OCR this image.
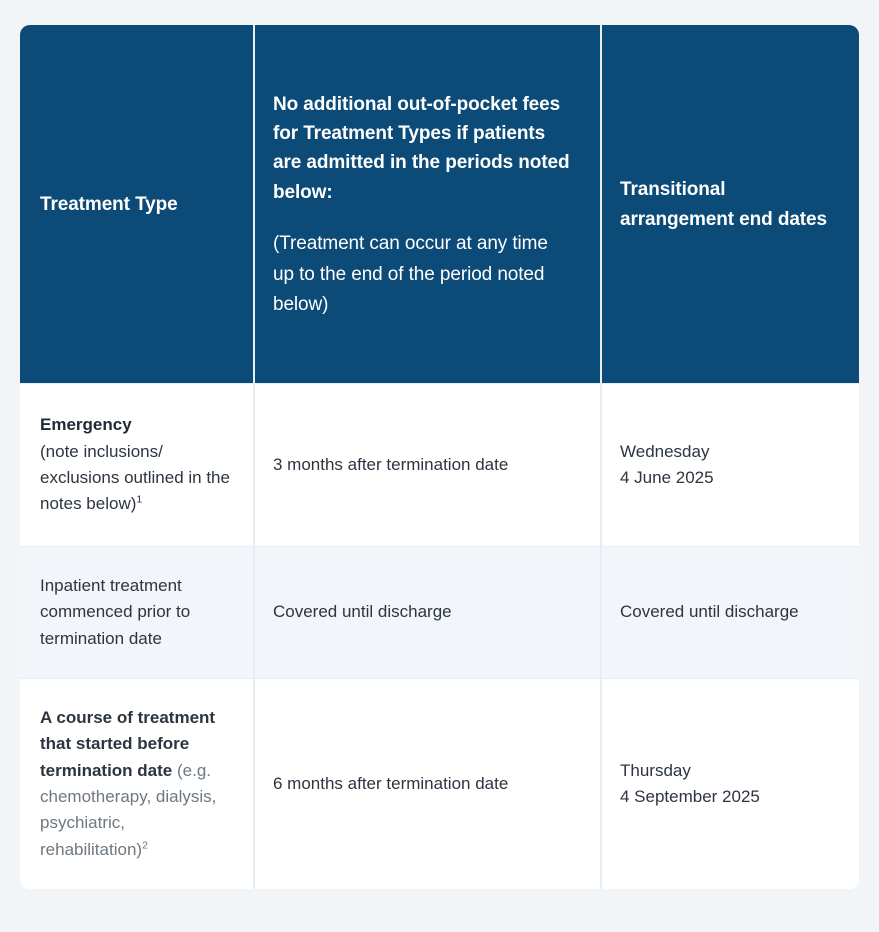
Treatment Type
No additional out-of-pocket fees for Treatment Types if patients are admitted in the periods noted below:
(Treatment can occur at any time up to the end of the period noted below)
Transitional arrangement end dates
Emergency
(note inclusions/ exclusions outlined in the notes below)$^1$
3 months after termination date
Wednesday
4 June 2025
Inpatient treatment commenced prior to termination date
Covered until discharge	Covered until discharge
A course of treatment that started before termination date (e.g. chemotherapy, dialysis, psychiatric, rehabilitation)$^2$
6 months after termination date
Thursday
4 September 2025
